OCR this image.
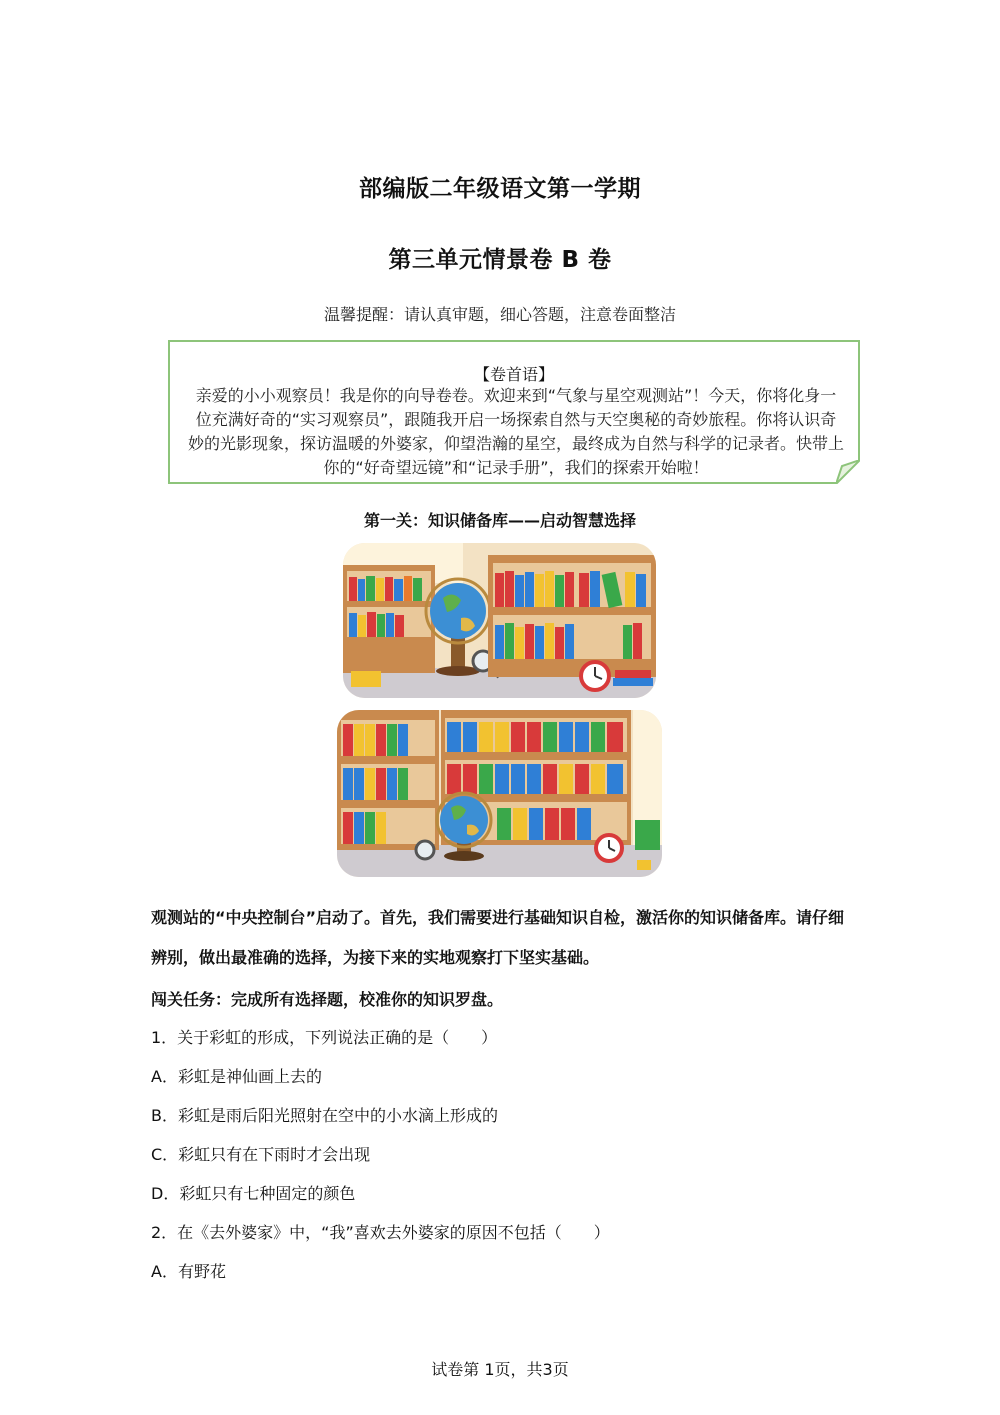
部编版二年级语文第一学期
第三单元情景卷 B 卷
温馨提醒：请认真审题，细心答题，注意卷面整洁
【卷首语】
亲爱的小小观察员！我是你的向导卷卷。欢迎来到“气象与星空观测站”！今天，你将化身一位充满好奇的“实习观察员”，跟随我开启一场探索自然与天空奥秘的奇妙旅程。你将认识奇妙的光影现象，探访温暖的外婆家，仰望浩瀚的星空，最终成为自然与科学的记录者。快带上你的“好奇望远镜”和“记录手册”，我们的探索开始啦！
第一关：知识储备库——启动智慧选择
观测站的“中央控制台”启动了。首先，我们需要进行基础知识自检，激活你的知识储备库。请仔细辨别，做出最准确的选择，为接下来的实地观察打下坚实基础。
闯关任务：完成所有选择题，校准你的知识罗盘。
1．关于彩虹的形成，下列说法正确的是（　　）
A．彩虹是神仙画上去的
B．彩虹是雨后阳光照射在空中的小水滴上形成的
C．彩虹只有在下雨时才会出现
D．彩虹只有七种固定的颜色
2．在《去外婆家》中，“我”喜欢去外婆家的原因不包括（　　）
A．有野花
试卷第 1页，共3页
